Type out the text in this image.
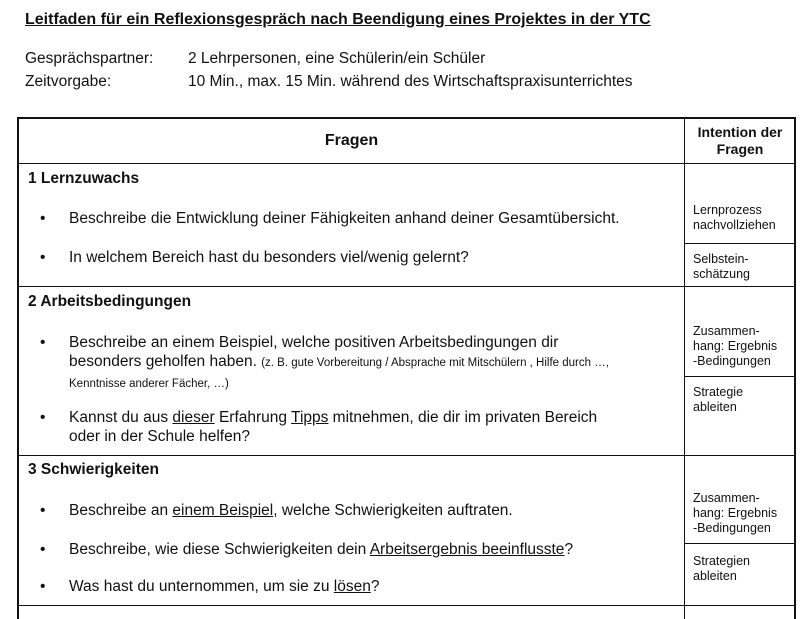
Leitfaden für ein Reflexionsgespräch nach Beendigung eines Projektes in der YTC
Gesprächspartner: 2 Lehrpersonen, eine Schülerin/ein Schüler
Zeitvorgabe:	10 Min., max. 15 Min. während des Wirtschaftspraxisunterrichtes
Fragen	Intention der
Fragen
1 Lernzuwachs
• Beschreibe die Entwicklung deiner Fähigkeiten anhand deiner Gesamtübersicht.
• In welchem Bereich hast du besonders viel/wenig gelernt?
Lernprozess
nachvollziehen
Selbstein-
schätzung
2 Arbeitsbedingungen
• Beschreibe an einem Beispiel, welche positiven Arbeitsbedingungen dir
besonders geholfen haben. (z. B. gute Vorbereitung / Absprache mit Mitschülern , Hilfe durch …,
Kenntnisse anderer Fächer, …)
• Kannst du aus dieser Erfahrung Tipps mitnehmen, die dir im privaten Bereich
oder in der Schule helfen?
Zusammen-
hang: Ergebnis
-Bedingungen
Strategie
ableiten
3 Schwierigkeiten
• Beschreibe an einem Beispiel, welche Schwierigkeiten auftraten.
• Beschreibe, wie diese Schwierigkeiten dein Arbeitsergebnis beeinflusste?
• Was hast du unternommen, um sie zu lösen?
Zusammen-
hang: Ergebnis
-Bedingungen
Strategien
ableiten
